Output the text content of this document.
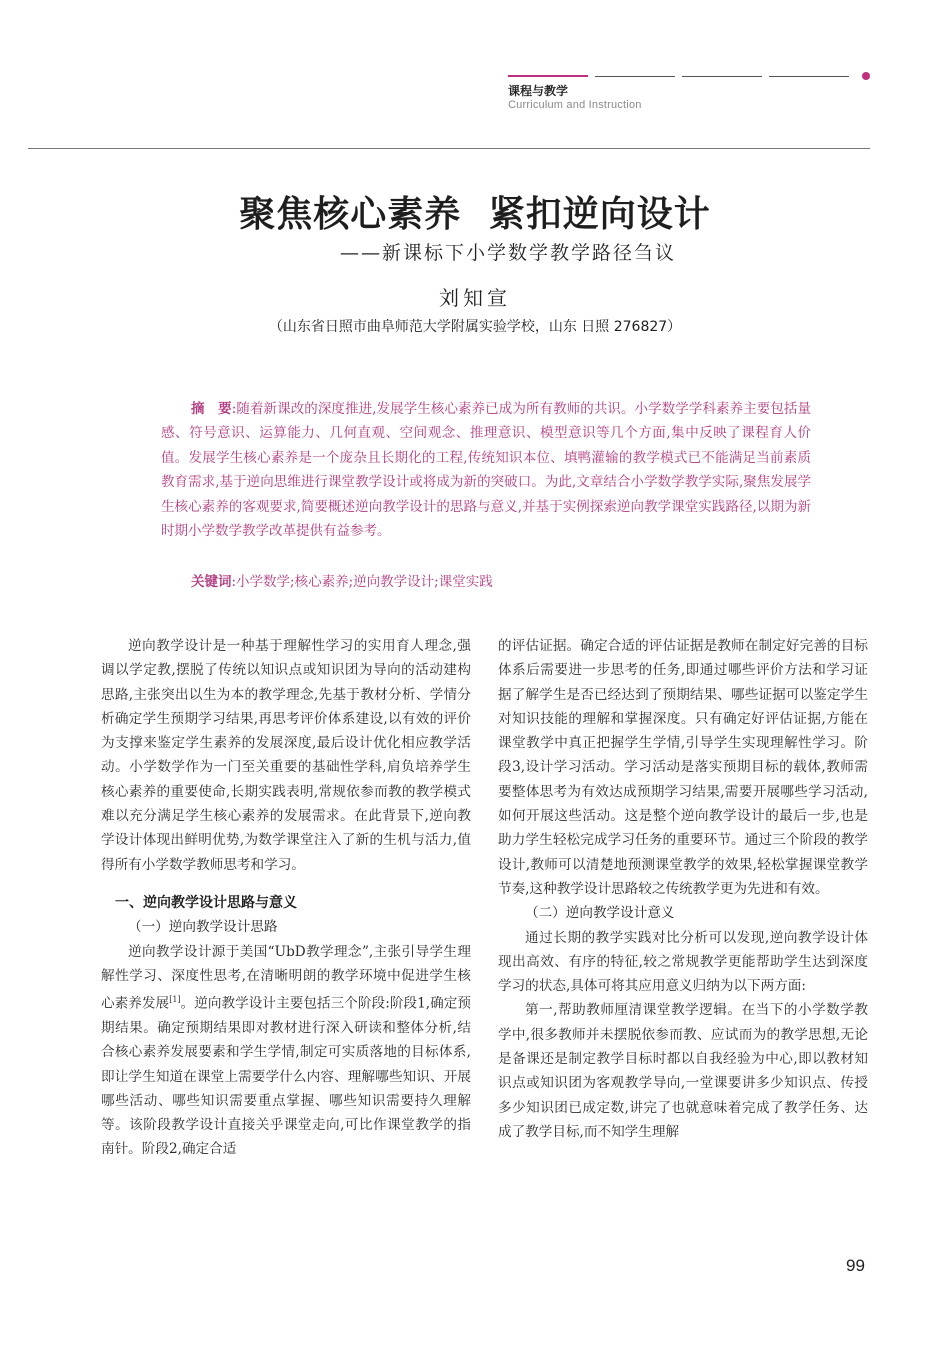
课程与教学
Curriculum and Instruction
聚焦核心素养 紧扣逆向设计
——新课标下小学数学教学路径刍议
刘知宣
（山东省日照市曲阜师范大学附属实验学校，山东 日照 276827）
摘　要:随着新课改的深度推进,发展学生核心素养已成为所有教师的共识。小学数学学科素养主要包括量感、符号意识、运算能力、几何直观、空间观念、推理意识、模型意识等几个方面,集中反映了课程育人价值。发展学生核心素养是一个庞杂且长期化的工程,传统知识本位、填鸭灌输的教学模式已不能满足当前素质教育需求,基于逆向思维进行课堂教学设计或将成为新的突破口。为此,文章结合小学数学教学实际,聚焦发展学生核心素养的客观要求,简要概述逆向教学设计的思路与意义,并基于实例探索逆向教学课堂实践路径,以期为新时期小学数学教学改革提供有益参考。
关键词:小学数学;核心素养;逆向教学设计;课堂实践

逆向教学设计是一种基于理解性学习的实用育人理念,强调以学定教,摆脱了传统以知识点或知识团为导向的活动建构思路,主张突出以生为本的教学理念,先基于教材分析、学情分析确定学生预期学习结果,再思考评价体系建设,以有效的评价为支撑来鉴定学生素养的发展深度,最后设计优化相应教学活动。小学数学作为一门至关重要的基础性学科,肩负培养学生核心素养的重要使命,长期实践表明,常规依参而教的教学模式难以充分满足学生核心素养的发展需求。在此背景下,逆向教学设计体现出鲜明优势,为数学课堂注入了新的生机与活力,值得所有小学数学教师思考和学习。

一、逆向教学设计思路与意义
（一）逆向教学设计思路

逆向教学设计源于美国“UbD教学理念”,主张引导学生理解性学习、深度性思考,在清晰明朗的教学环境中促进学生核心素养发展[1]。逆向教学设计主要包括三个阶段:阶段1,确定预期结果。确定预期结果即对教材进行深入研读和整体分析,结合核心素养发展要素和学生学情,制定可实质落地的目标体系,即让学生知道在课堂上需要学什么内容、理解哪些知识、开展哪些活动、哪些知识需要重点掌握、哪些知识需要持久理解等。该阶段教学设计直接关乎课堂走向,可比作课堂教学的指南针。阶段2,确定合适

的评估证据。确定合适的评估证据是教师在制定好完善的目标体系后需要进一步思考的任务,即通过哪些评价方法和学习证据了解学生是否已经达到了预期结果、哪些证据可以鉴定学生对知识技能的理解和掌握深度。只有确定好评估证据,方能在课堂教学中真正把握学生学情,引导学生实现理解性学习。阶段3,设计学习活动。学习活动是落实预期目标的载体,教师需要整体思考为有效达成预期学习结果,需要开展哪些学习活动,如何开展这些活动。这是整个逆向教学设计的最后一步,也是助力学生轻松完成学习任务的重要环节。通过三个阶段的教学设计,教师可以清楚地预测课堂教学的效果,轻松掌握课堂教学节奏,这种教学设计思路较之传统教学更为先进和有效。

（二）逆向教学设计意义

通过长期的教学实践对比分析可以发现,逆向教学设计体现出高效、有序的特征,较之常规教学更能帮助学生达到深度学习的状态,具体可将其应用意义归纳为以下两方面:

第一,帮助教师厘清课堂教学逻辑。在当下的小学数学教学中,很多教师并未摆脱依参而教、应试而为的教学思想,无论是备课还是制定教学目标时都以自我经验为中心,即以教材知识点或知识团为客观教学导向,一堂课要讲多少知识点、传授多少知识团已成定数,讲完了也就意味着完成了教学任务、达成了教学目标,而不知学生理解

99
